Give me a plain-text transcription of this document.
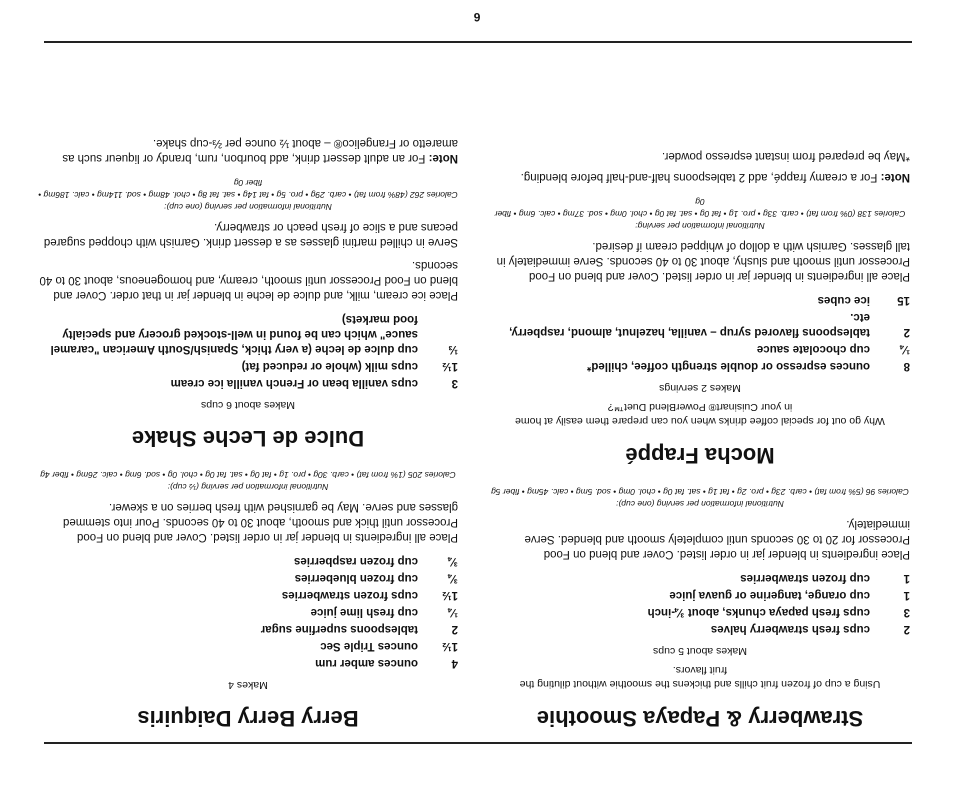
6
Strawberry & Papaya Smoothie
Using a cup of frozen fruit chills and thickens the smoothie without diluting the fruit flavors.
Makes about 5 cups
2	cups fresh strawberry halves
3	cups fresh papaya chunks, about ¾-inch
1	cup orange, tangerine or guava juice
1	cup frozen strawberries
Place ingredients in blender jar in order listed. Cover and blend on Food Processor for 20 to 30 seconds until completely smooth and blended. Serve immediately.
Nutritional information per serving (one cup):
Calories 96 (5% from fat) • carb. 23g • pro. 2g • fat 1g • sat. fat 0g • chol. 0mg • sod. 5mg • calc. 45mg • fiber 5g
Mocha Frappé
Why go out for special coffee drinks when you can prepare them easily at home in your Cuisinart® PowerBlend Duet™?
Makes 2 servings
8	ounces espresso or double strength coffee, chilled*
¼	cup chocolate sauce
2	tablespoons flavored syrup – vanilla, hazelnut, almond, raspberry, etc.
15	ice cubes
Place all ingredients in blender jar in order listed. Cover and blend on Food Processor until smooth and slushy, about 30 to 40 seconds. Serve immediately in tall glasses. Garnish with a dollop of whipped cream if desired.
Nutritional information per serving:
Calories 138 (0% from fat) • carb. 33g • pro. 1g • fat 0g • sat. fat 0g • chol. 0mg • sod. 37mg • calc. 6mg • fiber 0g
Note: For a creamy frappé, add 2 tablespoons half-and-half before blending.
*May be prepared from instant espresso powder.
Berry Berry Daiquiris
Makes 4
4	ounces amber rum
1½	ounces Triple Sec
2	tablespoons superfine sugar
¼	cup fresh lime juice
1½	cups frozen strawberries
¾	cup frozen blueberries
¾	cup frozen raspberries
Place all ingredients in blender jar in order listed. Cover and blend on Food Processor until thick and smooth, about 30 to 40 seconds. Pour into stemmed glasses and serve. May be garnished with fresh berries on a skewer.
Nutritional information per serving (½ cup):
Calories 205 (1% from fat) • carb. 30g • pro. 1g • fat 0g • sat. fat 0g • chol. 0g • sod. 6mg • calc. 26mg • fiber 4g
Dulce de Leche Shake
Makes about 6 cups
3	cups vanilla bean or French vanilla ice cream
1½	cups milk (whole or reduced fat)
⅓	cup dulce de leche (a very thick, Spanish/South American "caramel sauce" which can be found in well-stocked grocery and specialty food markets)
Place ice cream, milk, and dulce de leche in blender jar in that order. Cover and blend on Food Processor until smooth, creamy, and homogeneous, about 30 to 40 seconds.
Serve in chilled martini glasses as a dessert drink. Garnish with chopped sugared pecans and a slice of fresh peach or strawberry.
Nutritional information per serving (one cup):
Calories 262 (48% from fat) • carb. 29g • pro. 5g • fat 14g • sat. fat 8g • chol. 48mg • sod. 114mg • calc. 186mg • fiber 0g
Note: For an adult dessert drink, add bourbon, rum, brandy or liqueur such as amaretto or Frangelico® – about ½ ounce per ⅔-cup shake.
